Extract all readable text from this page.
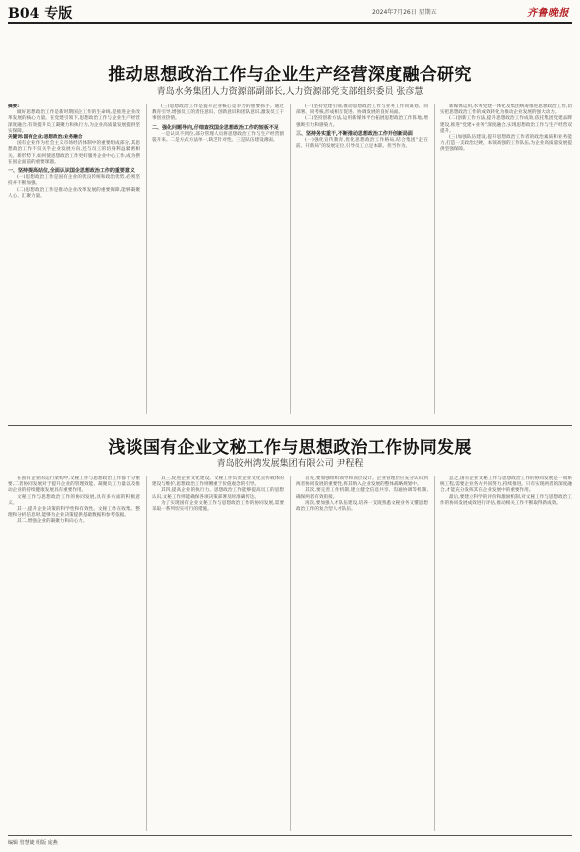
B04 专版	2024年7月26日 星期五	齐鲁晚报
推动思想政治工作与企业生产经营深度融合研究
青岛水务集团人力资源部副部长,人力资源部党支部组织委员 张彦慧

摘要:

做好思想政治工作是新时期国企工作的生命线,是推进企业改革发展的核心力量。在党建引领下,思想政治工作与企业生产经营深度融合,有效提升员工凝聚力和执行力,为企业高质量发展提供坚实保障。

关键词:国有企业;思想政治;业务融合

国有企业作为社会主义市场经济体制中的重要组成部分,其思想政治工作不仅关乎企业发展方向,还与员工的切身利益紧密相关。新形势下,如何使思想政治工作更好服务企业中心工作,成为摆在国企面前的重要课题。

一、坚持提高站位,全面认识国企思想政治工作的重要意义

(一)思想政治工作是国有企业的优良传统和政治优势,必须坚持并不断加强。

(二)思想政治工作是推动企业改革发展的重要保障,能够凝聚人心、汇聚力量。

(三)思想政治工作是提升企业核心竞争力的重要抓手。通过教育引导,增强员工的责任意识、创新意识和团队意识,激发员工干事创业热情。

二、强化问题导向,仔细查找国企思想政治工作的短板不足

一是认识不到位,部分管理人员将思想政治工作与生产经营割裂开来。二是方式方法单一,缺乏针对性。三是队伍建设薄弱。

(一)坚持党建引领,推动思想政治工作与业务工作同谋划、同部署、同考核,形成相互促进、协调发展的良好局面。

(二)坚持创新方法,运用新媒体平台拓展思想政治工作阵地,增强吸引力和感染力。

三、坚持务实重干,不断推动思想政治工作开创新局面

(一)强化宣传教育,优化思想政治工作格局,结合集团“走在前、开新局”的发展定位,引导员工立足本职、担当作为。

新媒体运用,水务党建一体化及集团统筹推进思想政治工作,切实把思想政治工作的成效转化为推动企业发展的强大动力。

(二)创新工作方法,提升思想政治工作成效,依托集团党建品牌建设,推进“党建+业务”深度融合,实现思想政治工作与生产经营双提升。

(三)加强队伍建设,提升思想政治工作者的政治素质和业务能力,打造一支政治过硬、本领高强的工作队伍,为企业高质量发展提供坚强保障。

浅谈国有企业文秘工作与思想政治工作协同发展
青岛胶州湾发展集团有限公司 尹程程

在国有企业的运行架构中,文秘工作与思想政治工作都十分重要,二者协同发展对于提升企业的管理效能、凝聚员工力量以及推动企业的持续健康发展具有重要作用。

文秘工作与思想政治工作的协同发展,具有多方面的积极意义。

其一,提升企业决策的科学性和有效性。文秘工作在收集、整理和分析信息时,能够为企业决策提供基础数据和参考依据。

其二,增强企业的凝聚力和向心力。

其三,促进企业文化建设。文秘工作负责企业文化宣传载体的建设与维护,思想政治工作则侧重于价值观念的引导。

其四,提高企业的执行力。思想政治工作能够提高员工的思想认识,文秘工作则能确保各项决策部署及时准确传达。

为了实现国有企业文秘工作与思想政治工作的协同发展,需要采取一系列切实可行的措施。

首先,要加强组织领导和顶层设计。企业管理层应充分认识到两者协同发展的重要性,将其纳入企业发展的整体战略规划中。

其次,要完善工作机制,建立健全信息共享、沟通协调等机制,确保两者有效衔接。

再次,要加强人才队伍建设,培养一支既熟悉文秘业务又懂思想政治工作的复合型人才队伍。

总之,国有企业文秘工作与思想政治工作的协同发展是一项系统工程,需要企业各方共同努力,持续推进。只有实现两者的深度融合,才能充分发挥其在企业发展中的重要作用。

最后,要建立科学的评价和激励机制,对文秘工作与思想政治工作的协同发展成效进行评估,推动相关工作不断取得新成效。

编辑 管慧婕 组版 庞燕
